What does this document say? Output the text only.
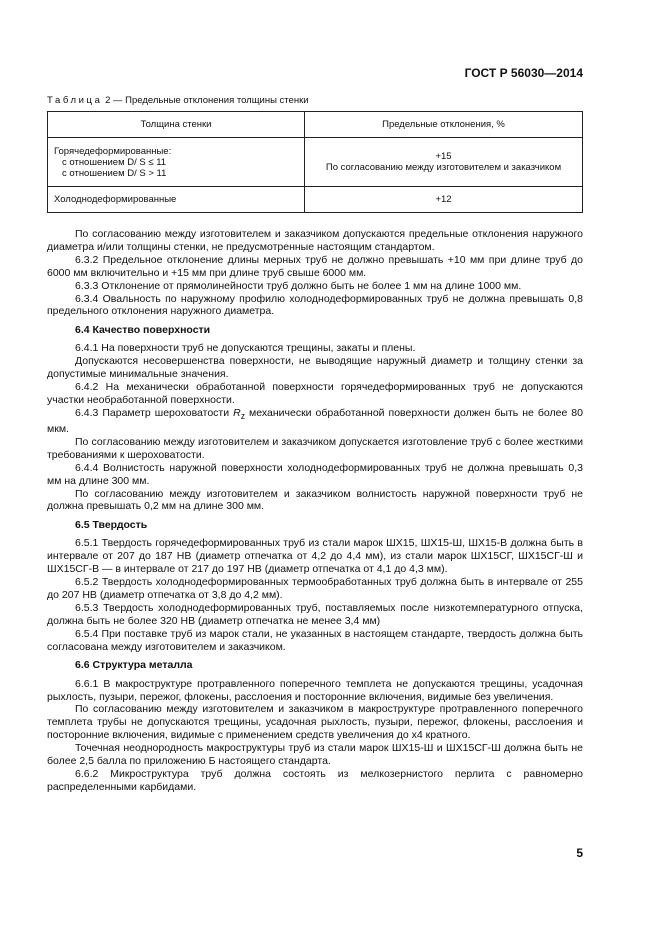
ГОСТ Р 56030—2014
Таблица 2 — Предельные отклонения толщины стенки
Толщина стенки	Предельные отклонения, %
Горячедеформированные:

с отношением D/ S ≤ 11
с отношением D/ S > 11	+15
По согласованию между изготовителем и заказчиком
Холоднодеформированные	+12

По согласованию между изготовителем и заказчиком допускаются предельные отклонения наружного диаметра и/или толщины стенки, не предусмотренные настоящим стандартом.

6.3.2 Предельное отклонение длины мерных труб не должно превышать +10 мм при длине труб до 6000 мм включительно и +15 мм при длине труб свыше 6000 мм.

6.3.3 Отклонение от прямолинейности труб должно быть не более 1 мм на длине 1000 мм.

6.3.4 Овальность по наружному профилю холоднодеформированных труб не должна превышать 0,8 предельного отклонения наружного диаметра.

6.4 Качество поверхности

6.4.1 На поверхности труб не допускаются трещины, закаты и плены.

Допускаются несовершенства поверхности, не выводящие наружный диаметр и толщину стенки за допустимые минимальные значения.

6.4.2 На механически обработанной поверхности горячедеформированных труб не допускаются участки необработанной поверхности.

6.4.3 Параметр шероховатости $R_z$ механически обработанной поверхности должен быть не более 80 мкм.

По согласованию между изготовителем и заказчиком допускается изготовление труб с более жесткими требованиями к шероховатости.

6.4.4 Волнистость наружной поверхности холоднодеформированных труб не должна превышать 0,3 мм на длине 300 мм.

По согласованию между изготовителем и заказчиком волнистость наружной поверхности труб не должна превышать 0,2 мм на длине 300 мм.

6.5 Твердость

6.5.1 Твердость горячедеформированных труб из стали марок ШХ15, ШХ15-Ш, ШХ15-В должна быть в интервале от 207 до 187 НВ (диаметр отпечатка от 4,2 до 4,4 мм), из стали марок ШХ15СГ, ШХ15СГ-Ш и ШХ15СГ-В — в интервале от 217 до 197 НВ (диаметр отпечатка от 4,1 до 4,3 мм).

6.5.2 Твердость холоднодеформированных термообработанных труб должна быть в интервале от 255 до 207 НВ (диаметр отпечатка от 3,8 до 4,2 мм).

6.5.3 Твердость холоднодеформированных труб, поставляемых после низкотемпературного отпуска, должна быть не более 320 НВ (диаметр отпечатка не менее 3,4 мм)

6.5.4 При поставке труб из марок стали, не указанных в настоящем стандарте, твердость должна быть согласована между изготовителем и заказчиком.

6.6 Структура металла

6.6.1 В макроструктуре протравленного поперечного темплета не допускаются трещины, усадочная рыхлость, пузыри, пережог, флокены, расслоения и посторонние включения, видимые без увеличения.

По согласованию между изготовителем и заказчиком в макроструктуре протравленного поперечного темплета трубы не допускаются трещины, усадочная рыхлость, пузыри, пережог, флокены, расслоения и посторонние включения, видимые с применением средств увеличения до х4 кратного.

Точечная неоднородность макроструктуры труб из стали марок ШХ15-Ш и ШХ15СГ-Ш должна быть не более 2,5 балла по приложению Б настоящего стандарта.

6.6.2 Микроструктура труб должна состоять из мелкозернистого перлита с равномерно распределенными карбидами.

5
